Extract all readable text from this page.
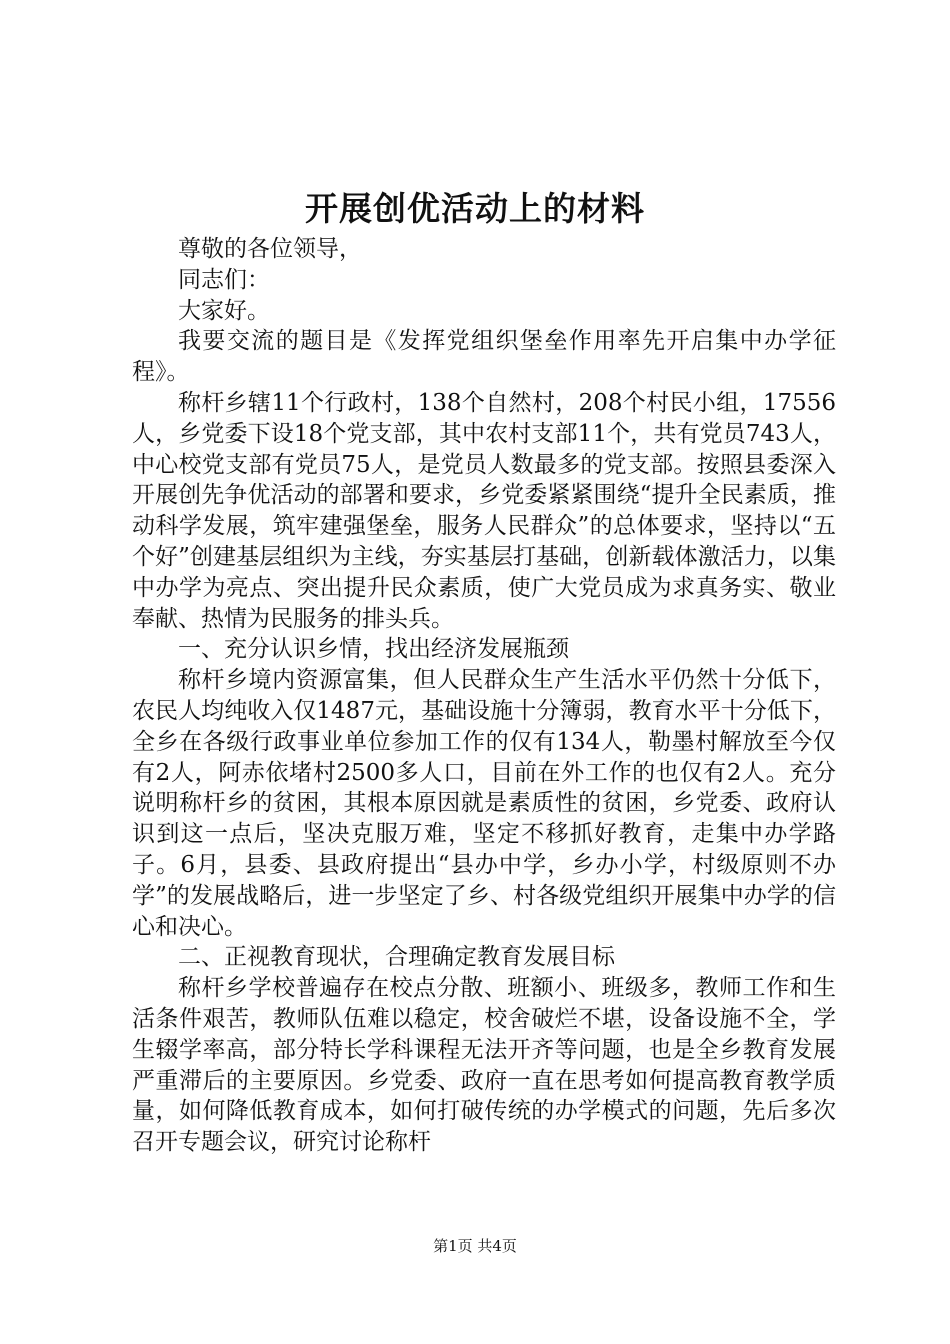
开展创优活动上的材料

尊敬的各位领导，

同志们：

大家好。

我要交流的题目是《发挥党组织堡垒作用率先开启集中办学征程》。

称杆乡辖11个行政村，138个自然村，208个村民小组，17556人，乡党委下设18个党支部，其中农村支部11个，共有党员743人，中心校党支部有党员75人，是党员人数最多的党支部。按照县委深入开展创先争优活动的部署和要求，乡党委紧紧围绕“提升全民素质，推动科学发展，筑牢建强堡垒，服务人民群众”的总体要求，坚持以“五个好”创建基层组织为主线，夯实基层打基础，创新载体激活力，以集中办学为亮点、突出提升民众素质，使广大党员成为求真务实、敬业奉献、热情为民服务的排头兵。

一、充分认识乡情，找出经济发展瓶颈

称杆乡境内资源富集，但人民群众生产生活水平仍然十分低下，农民人均纯收入仅1487元，基础设施十分簿弱，教育水平十分低下，全乡在各级行政事业单位参加工作的仅有134人，勒墨村解放至今仅有2人，阿赤依堵村2500多人口，目前在外工作的也仅有2人。充分说明称杆乡的贫困，其根本原因就是素质性的贫困，乡党委、政府认识到这一点后，坚决克服万难，坚定不移抓好教育，走集中办学路子。6月，县委、县政府提出“县办中学，乡办小学，村级原则不办学”的发展战略后，进一步坚定了乡、村各级党组织开展集中办学的信心和决心。

二、正视教育现状，合理确定教育发展目标

称杆乡学校普遍存在校点分散、班额小、班级多，教师工作和生活条件艰苦，教师队伍难以稳定，校舍破烂不堪，设备设施不全，学生辍学率高，部分特长学科课程无法开齐等问题，也是全乡教育发展严重滞后的主要原因。乡党委、政府一直在思考如何提高教育教学质量，如何降低教育成本，如何打破传统的办学模式的问题，先后多次召开专题会议，研究讨论称杆

第1页 共4页
